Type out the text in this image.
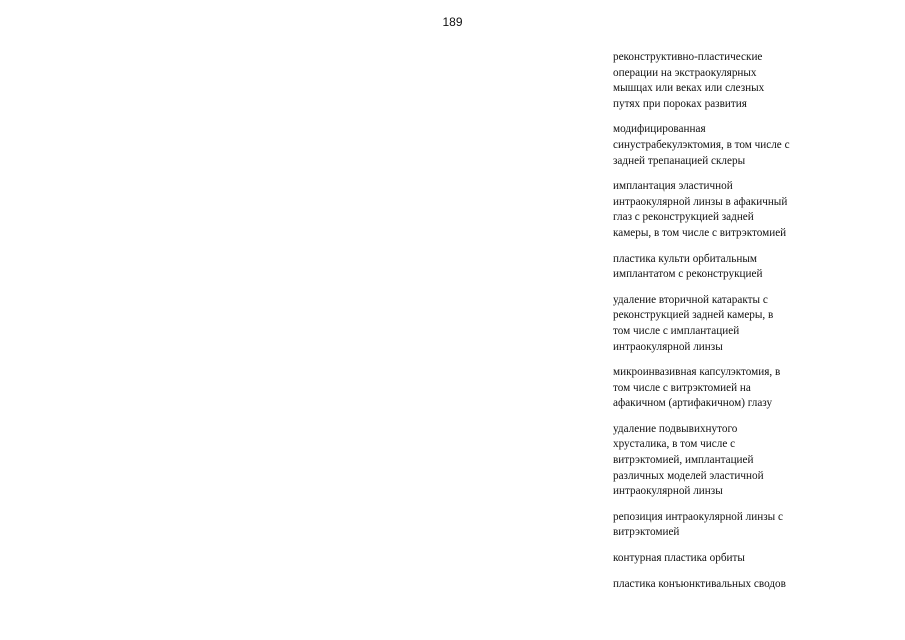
189
реконструктивно-пластические
операции на экстраокулярных
мышцах или веках или слезных
путях при пороках развития
модифицированная
синустрабекулэктомия, в том числе с
задней трепанацией склеры
имплантация эластичной
интраокулярной линзы в афакичный
глаз с реконструкцией задней
камеры, в том числе с витрэктомией
пластика культи орбитальным
имплантатом с реконструкцией
удаление вторичной катаракты с
реконструкцией задней камеры, в
том числе с имплантацией
интраокулярной линзы
микроинвазивная капсулэктомия, в
том числе с витрэктомией на
афакичном (артифакичном) глазу
удаление подвывихнутого
хрусталика, в том числе с
витрэктомией, имплантацией
различных моделей эластичной
интраокулярной линзы
репозиция интраокулярной линзы с
витрэктомией
контурная пластика орбиты
пластика конъюнктивальных сводов
